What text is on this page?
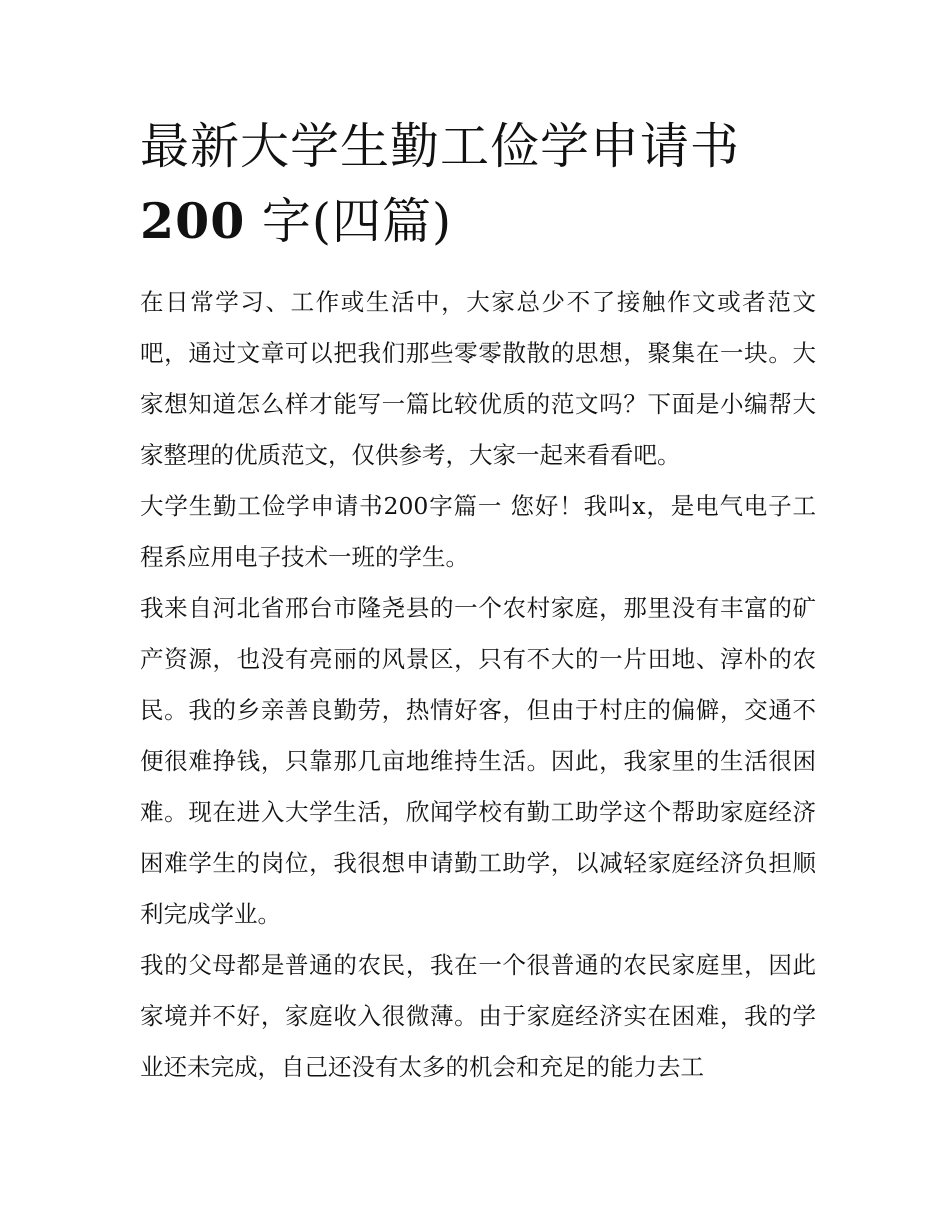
最新大学生勤工俭学申请书
200 字(四篇)

在日常学习、工作或生活中，大家总少不了接触作文或者范文吧，通过文章可以把我们那些零零散散的思想，聚集在一块。大家想知道怎么样才能写一篇比较优质的范文吗？下面是小编帮大家整理的优质范文，仅供参考，大家一起来看看吧。

大学生勤工俭学申请书200字篇一 您好！我叫x，是电气电子工程系应用电子技术一班的学生。

我来自河北省邢台市隆尧县的一个农村家庭，那里没有丰富的矿产资源，也没有亮丽的风景区，只有不大的一片田地、淳朴的农民。我的乡亲善良勤劳，热情好客，但由于村庄的偏僻，交通不便很难挣钱，只靠那几亩地维持生活。因此，我家里的生活很困难。现在进入大学生活，欣闻学校有勤工助学这个帮助家庭经济困难学生的岗位，我很想申请勤工助学，以减轻家庭经济负担顺利完成学业。

我的父母都是普通的农民，我在一个很普通的农民家庭里，因此家境并不好，家庭收入很微薄。由于家庭经济实在困难，我的学业还未完成，自己还没有太多的机会和充足的能力去工
